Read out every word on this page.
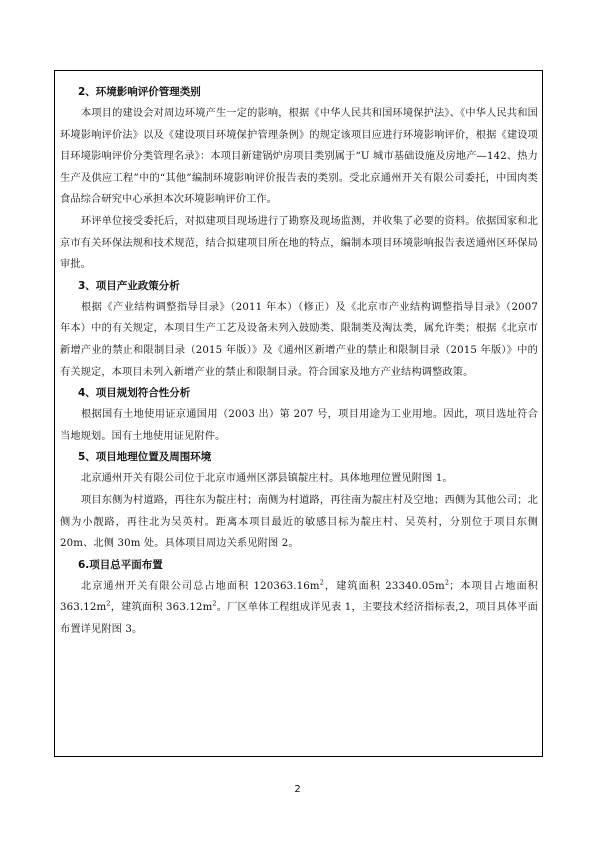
2、环境影响评价管理类别

本项目的建设会对周边环境产生一定的影响，根据《中华人民共和国环境保护法》、《中华人民共和国环境影响评价法》以及《建设项目环境保护管理条例》的规定该项目应进行环境影响评价，根据《建设项目环境影响评价分类管理名录》：本项目新建锅炉房项目类别属于“U 城市基础设施及房地产—142、热力生产及供应工程”中的“其他”编制环境影响评价报告表的类别。受北京通州开关有限公司委托，中国肉类食品综合研究中心承担本次环境影响评价工作。

环评单位接受委托后，对拟建项目现场进行了勘察及现场监测，并收集了必要的资料。依据国家和北京市有关环保法规和技术规范，结合拟建项目所在地的特点，编制本项目环境影响报告表送通州区环保局审批。

3、项目产业政策分析

根据《产业结构调整指导目录》（2011 年本）（修正）及《北京市产业结构调整指导目录》（2007 年本）中的有关规定，本项目生产工艺及设备未列入鼓励类、限制类及淘汰类，属允许类；根据《北京市新增产业的禁止和限制目录（2015 年版）》及《通州区新增产业的禁止和限制目录（2015 年版）》中的有关规定，本项目未列入新增产业的禁止和限制目录。符合国家及地方产业结构调整政策。

4、项目规划符合性分析

根据国有土地使用证京通国用（2003 出）第 207 号，项目用途为工业用地。因此，项目选址符合当地规划。国有土地使用证见附件。

5、项目地理位置及周围环境

北京通州开关有限公司位于北京市通州区漷县镇靛庄村。具体地理位置见附图 1。

项目东侧为村道路，再往东为靛庄村；南侧为村道路，再往南为靛庄村及空地；西侧为其他公司；北侧为小靓路，再往北为吴英村。距离本项目最近的敏感目标为靛庄村、吴英村，分别位于项目东侧 20m、北侧 30m 处。具体项目周边关系见附图 2。

6.项目总平面布置

北京通州开关有限公司总占地面积 $120363.16m^2$，建筑面积 $23340.05m^2$；本项目占地面积 $363.12m^2$，建筑面积 $363.12m^2$。厂区单体工程组成详见表 1，主要技术经济指标表,2，项目具体平面布置详见附图 3。

2
